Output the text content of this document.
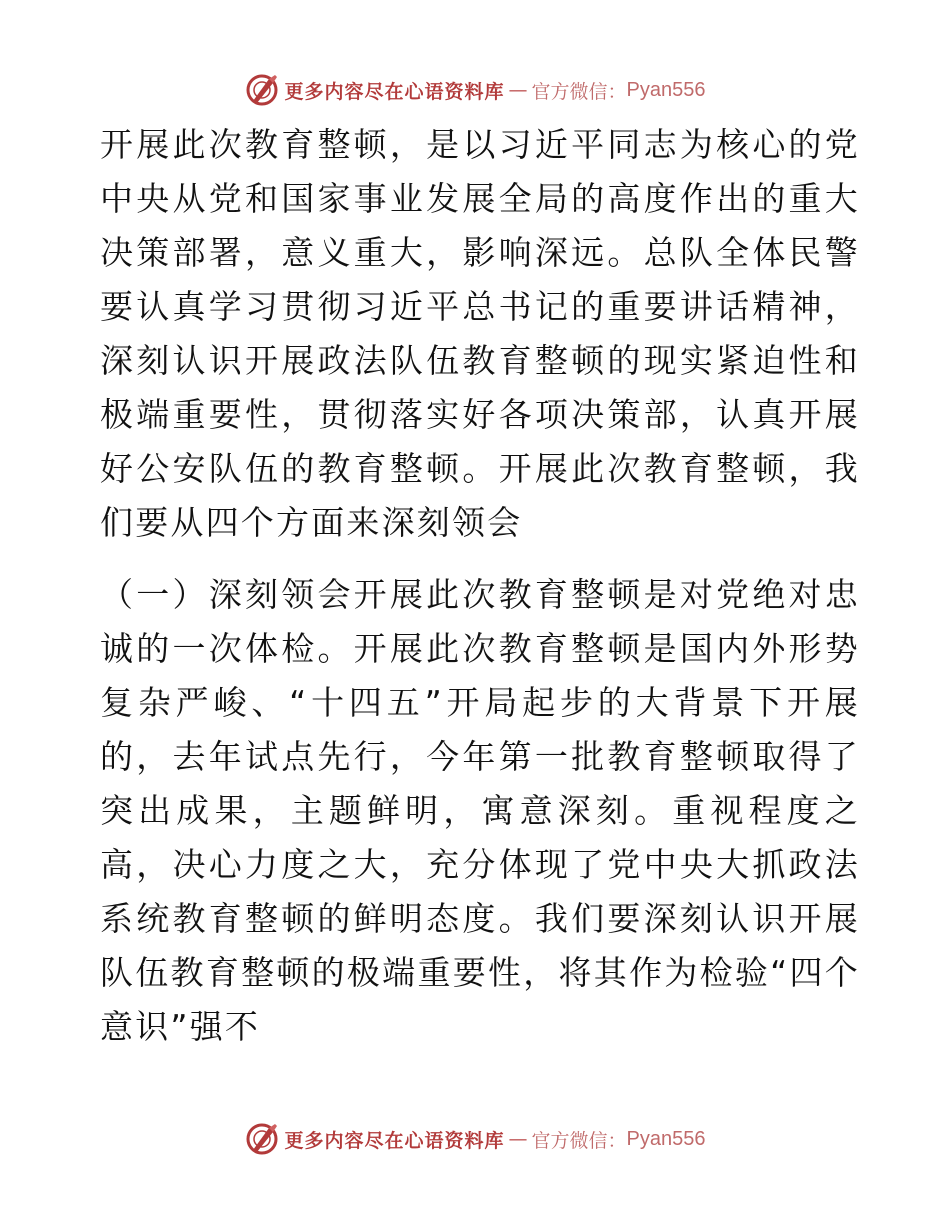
更多内容尽在心语资料库 — 官方微信： Pyan556

开展此次教育整顿，是以习近平同志为核心的党中央从党和国家事业发展全局的高度作出的重大决策部署，意义重大，影响深远。总队全体民警要认真学习贯彻习近平总书记的重要讲话精神，深刻认识开展政法队伍教育整顿的现实紧迫性和极端重要性，贯彻落实好各项决策部，认真开展好公安队伍的教育整顿。开展此次教育整顿，我们要从四个方面来深刻领会

（一）深刻领会开展此次教育整顿是对党绝对忠诚的一次体检。开展此次教育整顿是国内外形势复杂严峻、“十四五”开局起步的大背景下开展的，去年试点先行，今年第一批教育整顿取得了突出成果，主题鲜明，寓意深刻。重视程度之高，决心力度之大，充分体现了党中央大抓政法系统教育整顿的鲜明态度。我们要深刻认识开展队伍教育整顿的极端重要性，将其作为检验“四个意识”强不

更多内容尽在心语资料库 — 官方微信： Pyan556
